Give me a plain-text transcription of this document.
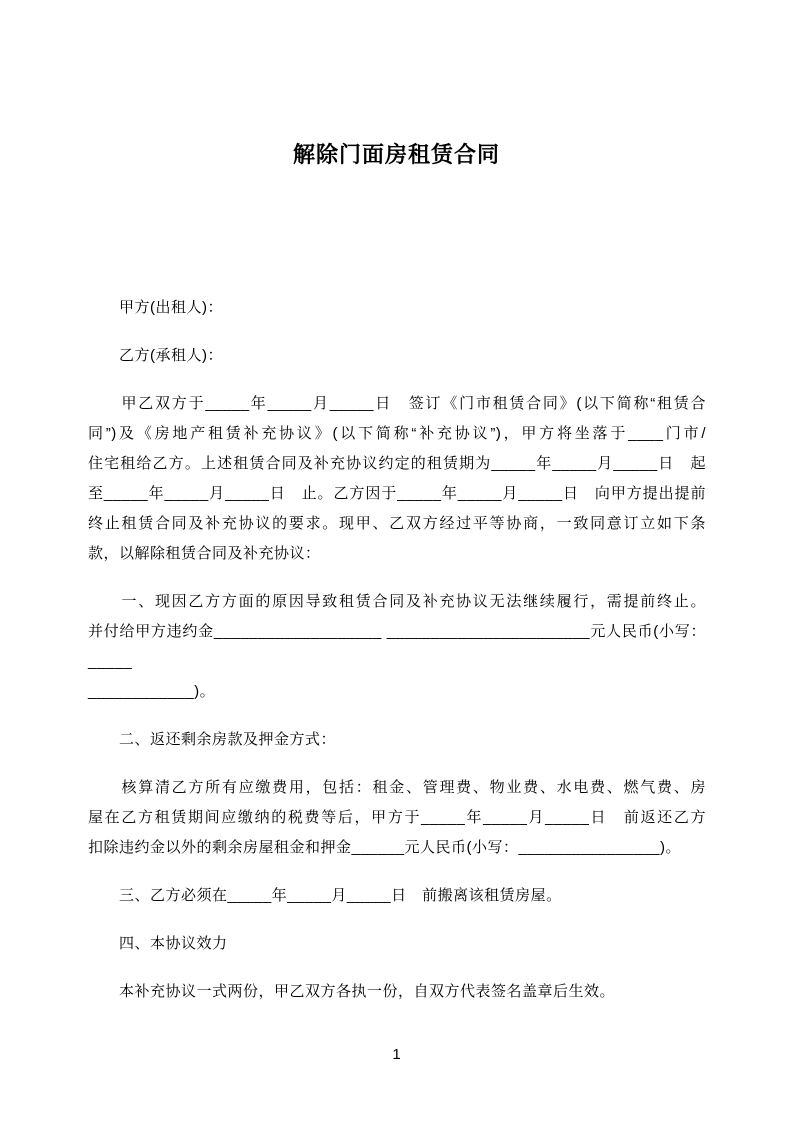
解除门面房租赁合同
　　甲方(出租人)：
　　乙方(承租人)：
　　甲乙双方于_____年_____月_____日　签订《门市租赁合同》(以下简称“租赁合
同”)及《房地产租赁补充协议》(以下简称“补充协议”)，甲方将坐落于____门市/
住宅租给乙方。上述租赁合同及补充协议约定的租赁期为_____年_____月_____日　起
至_____年_____月_____日　止。乙方因于_____年_____月_____日　向甲方提出提前
终止租赁合同及补充协议的要求。现甲、乙双方经过平等协商，一致同意订立如下条
款，以解除租赁合同及补充协议：
　　一、现因乙方方面的原因导致租赁合同及补充协议无法继续履行，需提前终止。
并付给甲方违约金___________________ _______________________元人民币(小写：_____
____________)。
　　二、返还剩余房款及押金方式：
　　核算清乙方所有应缴费用，包括：租金、管理费、物业费、水电费、燃气费、房
屋在乙方租赁期间应缴纳的税费等后，甲方于_____年_____月_____日　前返还乙方
扣除违约金以外的剩余房屋租金和押金______元人民币(小写：________________)。
　　三、乙方必须在_____年_____月_____日　前搬离该租赁房屋。
　　四、本协议效力
　　本补充协议一式两份，甲乙双方各执一份，自双方代表签名盖章后生效。
1
